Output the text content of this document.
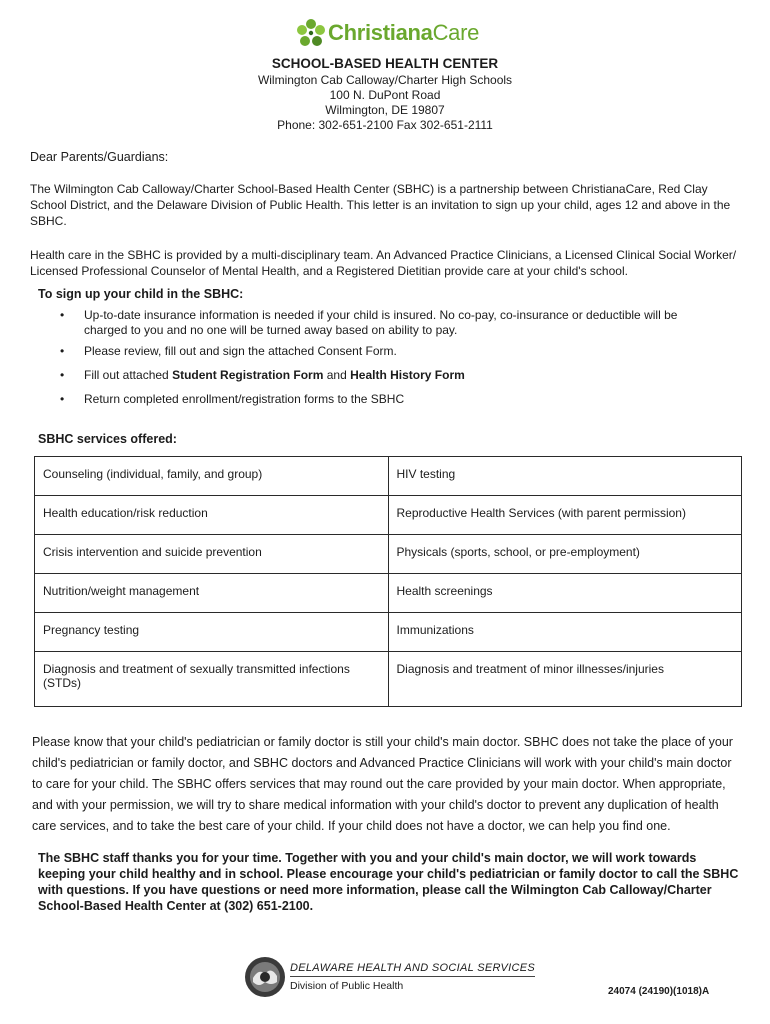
ChristianaCare
SCHOOL-BASED HEALTH CENTER
Wilmington Cab Calloway/Charter High Schools
100 N. DuPont Road
Wilmington, DE 19807
Phone: 302-651-2100 Fax 302-651-2111
Dear Parents/Guardians:
The Wilmington Cab Calloway/Charter School-Based Health Center (SBHC) is a partnership between ChristianaCare, Red Clay School District, and the Delaware Division of Public Health. This letter is an invitation to sign up your child, ages 12 and above in the SBHC.
Health care in the SBHC is provided by a multi-disciplinary team. An Advanced Practice Clinicians, a Licensed Clinical Social Worker/ Licensed Professional Counselor of Mental Health, and a Registered Dietitian provide care at your child's school.
To sign up your child in the SBHC:
• Up-to-date insurance information is needed if your child is insured. No co-pay, co-insurance or deductible will be charged to you and no one will be turned away based on ability to pay.
• Please review, fill out and sign the attached Consent Form.
• Fill out attached Student Registration Form and Health History Form
• Return completed enrollment/registration forms to the SBHC
SBHC services offered:
Counseling (individual, family, and group)	HIV testing
Health education/risk reduction	Reproductive Health Services (with parent permission)
Crisis intervention and suicide prevention	Physicals (sports, school, or pre-employment)
Nutrition/weight management	Health screenings
Pregnancy testing	Immunizations
Diagnosis and treatment of sexually transmitted infections (STDs)	Diagnosis and treatment of minor illnesses/injuries
Please know that your child's pediatrician or family doctor is still your child's main doctor. SBHC does not take the place of your child's pediatrician or family doctor, and SBHC doctors and Advanced Practice Clinicians will work with your child's main doctor to care for your child. The SBHC offers services that may round out the care provided by your main doctor. When appropriate, and with your permission, we will try to share medical information with your child's doctor to prevent any duplication of health care services, and to take the best care of your child. If your child does not have a doctor, we can help you find one.
The SBHC staff thanks you for your time. Together with you and your child's main doctor, we will work towards keeping your child healthy and in school. Please encourage your child's pediatrician or family doctor to call the SBHC with questions. If you have questions or need more information, please call the Wilmington Cab Calloway/Charter School-Based Health Center at (302) 651-2100.
DELAWARE HEALTH AND SOCIAL SERVICES
Division of Public Health	24074 (24190)(1018)A
